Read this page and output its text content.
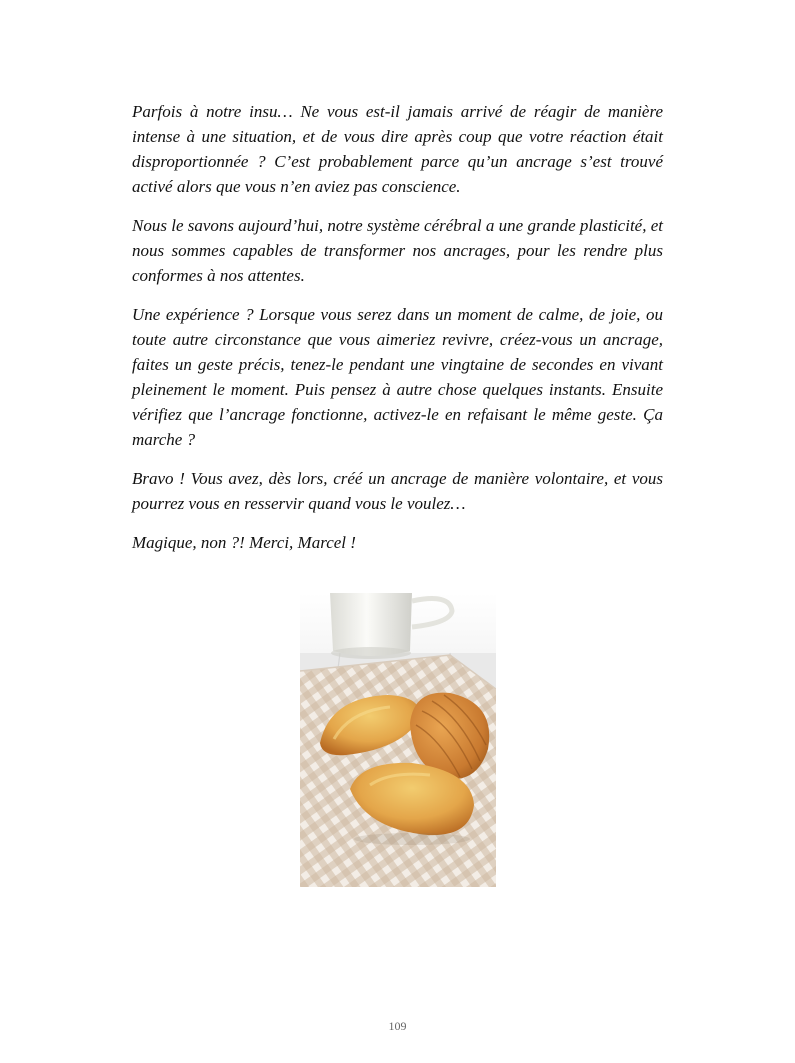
Parfois à notre insu… Ne vous est-il jamais arrivé de réagir de manière intense à une situation, et de vous dire après coup que votre réaction était disproportionnée ? C’est probablement parce qu’un ancrage s’est trouvé activé alors que vous n’en aviez pas conscience.

Nous le savons aujourd’hui, notre système cérébral a une grande plasticité, et nous sommes capables de transformer nos ancrages, pour les rendre plus conformes à nos attentes.

Une expérience ? Lorsque vous serez dans un moment de calme, de joie, ou toute autre circonstance que vous aimeriez revivre, créez-vous un ancrage, faites un geste précis, tenez-le pendant une vingtaine de secondes en vivant pleinement le moment. Puis pensez à autre chose quelques instants. Ensuite vérifiez que l’ancrage fonctionne, activez-le en refaisant le même geste. Ça marche ?

Bravo ! Vous avez, dès lors, créé un ancrage de manière volontaire, et vous pourrez vous en resservir quand vous le voulez…

Magique, non ?! Merci, Marcel !

109
